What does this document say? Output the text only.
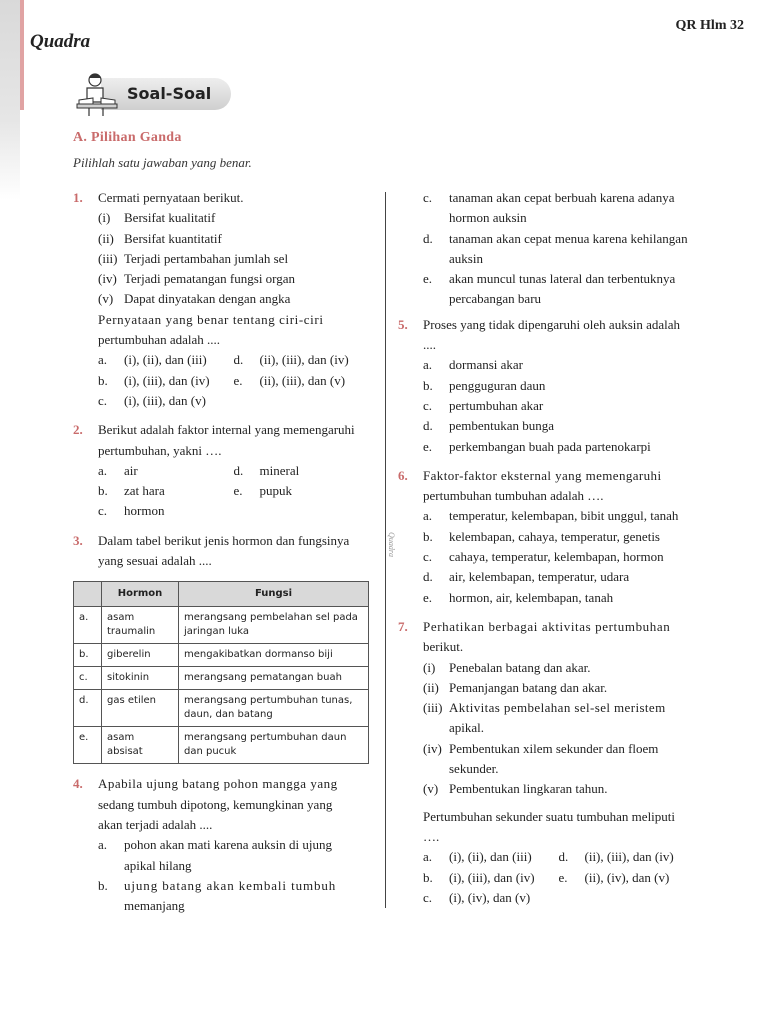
Quadra
QR Hlm 32
Soal-Soal
A. Pilihan Ganda
Pilihlah satu jawaban yang benar.
Quadra
1. Cermati pernyataan berikut.
(i) Bersifat kualitatif
(ii) Bersifat kuantitatif
(iii) Terjadi pertambahan jumlah sel
(iv) Terjadi pematangan fungsi organ
(v) Dapat dinyatakan dengan angka
Pernyataan yang benar tentang ciri-ciri
pertumbuhan adalah ....
a. (i), (ii), dan (iii)	d. (ii), (iii), dan (iv)
b. (i), (iii), dan (iv)	e. (ii), (iii), dan (v)
c. (i), (iii), dan (v)
2. Berikut adalah faktor internal yang memengaruhi
pertumbuhan, yakni ….
a. air	d. mineral
b. zat hara	e. pupuk
c. hormon
3. Dalam tabel berikut jenis hormon dan fungsinya
yang sesuai adalah ....
	Hormon	Fungsi
a.	asam traumalin	merangsang pembelahan sel pada jaringan luka
b.	giberelin	mengakibatkan dormanso biji
c.	sitokinin	merangsang pematangan buah
d.	gas etilen	merangsang pertumbuhan tunas, daun, dan batang
e.	asam absisat	merangsang pertumbuhan daun dan pucuk
4. Apabila ujung batang pohon mangga yang
sedang tumbuh dipotong, kemungkinan yang
akan terjadi adalah ....
a. pohon akan mati karena auksin di ujung
apikal hilang
b. ujung batang akan kembali tumbuh
memanjang
c. tanaman akan cepat berbuah karena adanya
hormon auksin
d. tanaman akan cepat menua karena kehilangan
auksin
e. akan muncul tunas lateral dan terbentuknya
percabangan baru
5. Proses yang tidak dipengaruhi oleh auksin adalah
....
a. dormansi akar
b. pengguguran daun
c. pertumbuhan akar
d. pembentukan bunga
e. perkembangan buah pada partenokarpi
6. Faktor-faktor eksternal yang memengaruhi
pertumbuhan tumbuhan adalah ….
a. temperatur, kelembapan, bibit unggul, tanah
b. kelembapan, cahaya, temperatur, genetis
c. cahaya, temperatur, kelembapan, hormon
d. air, kelembapan, temperatur, udara
e. hormon, air, kelembapan, tanah
7. Perhatikan berbagai aktivitas pertumbuhan
berikut.
(i) Penebalan batang dan akar.
(ii) Pemanjangan batang dan akar.
(iii) Aktivitas pembelahan sel-sel meristem
apikal.
(iv) Pembentukan xilem sekunder dan floem
sekunder.
(v) Pembentukan lingkaran tahun.
Pertumbuhan sekunder suatu tumbuhan meliputi
….
a. (i), (ii), dan (iii)	d. (ii), (iii), dan (iv)
b. (i), (iii), dan (iv)	e. (ii), (iv), dan (v)
c. (i), (iv), dan (v)
